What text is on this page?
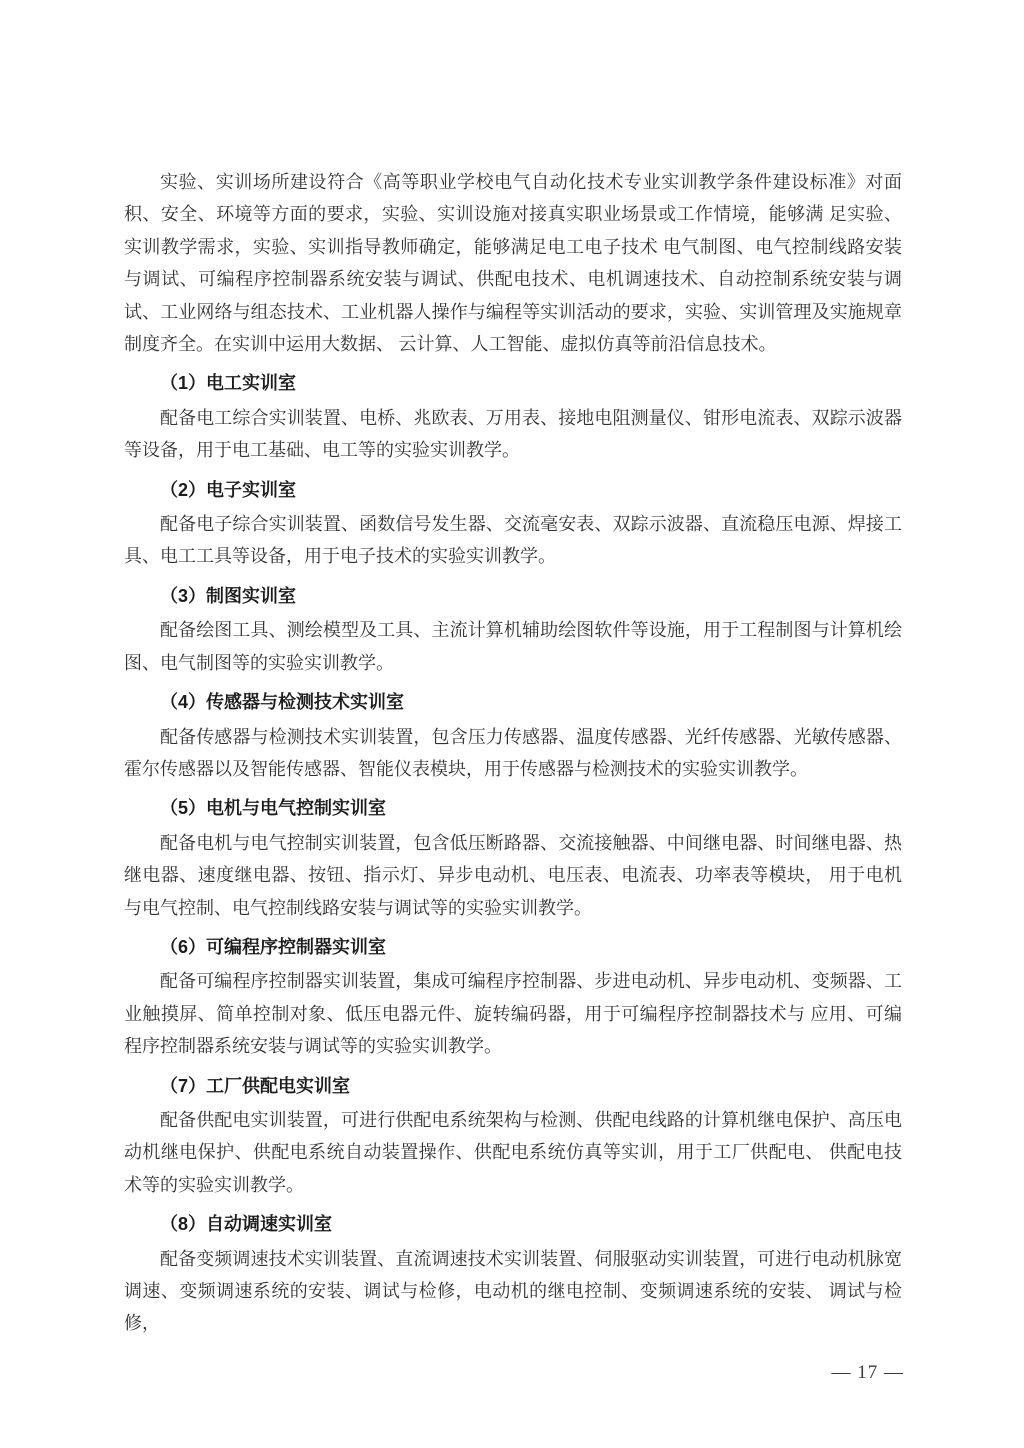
实验、实训场所建设符合《高等职业学校电气自动化技术专业实训教学条件建设标准》对面积、安全、环境等方面的要求，实验、实训设施对接真实职业场景或工作情境，能够满 足实验、实训教学需求，实验、实训指导教师确定，能够满足电工电子技术 电气制图、电气控制线路安装与调试、可编程序控制器系统安装与调试、供配电技术、电机调速技术、自动控制系统安装与调试、工业网络与组态技术、工业机器人操作与编程等实训活动的要求，实验、实训管理及实施规章制度齐全。在实训中运用大数据、 云计算、人工智能、虚拟仿真等前沿信息技术。

（1）电工实训室

配备电工综合实训装置、电桥、兆欧表、万用表、接地电阻测量仪、钳形电流表、双踪示波器等设备，用于电工基础、电工等的实验实训教学。

（2）电子实训室

配备电子综合实训装置、函数信号发生器、交流毫安表、双踪示波器、直流稳压电源、焊接工具、电工工具等设备，用于电子技术的实验实训教学。

（3）制图实训室

配备绘图工具、测绘模型及工具、主流计算机辅助绘图软件等设施，用于工程制图与计算机绘图、电气制图等的实验实训教学。

（4）传感器与检测技术实训室

配备传感器与检测技术实训装置，包含压力传感器、温度传感器、光纤传感器、光敏传感器、霍尔传感器以及智能传感器、智能仪表模块，用于传感器与检测技术的实验实训教学。

（5）电机与电气控制实训室

配备电机与电气控制实训装置，包含低压断路器、交流接触器、中间继电器、时间继电器、热继电器、速度继电器、按钮、指示灯、异步电动机、电压表、电流表、功率表等模块， 用于电机与电气控制、电气控制线路安装与调试等的实验实训教学。

（6）可编程序控制器实训室

配备可编程序控制器实训装置，集成可编程序控制器、步进电动机、异步电动机、变频器、工业触摸屏、简单控制对象、低压电器元件、旋转编码器，用于可编程序控制器技术与 应用、可编程序控制器系统安装与调试等的实验实训教学。

（7）工厂供配电实训室

配备供配电实训装置，可进行供配电系统架构与检测、供配电线路的计算机继电保护、高压电动机继电保护、供配电系统自动装置操作、供配电系统仿真等实训，用于工厂供配电、 供配电技术等的实验实训教学。

（8）自动调速实训室

配备变频调速技术实训装置、直流调速技术实训装置、伺服驱动实训装置，可进行电动机脉宽调速、变频调速系统的安装、调试与检修，电动机的继电控制、变频调速系统的安装、 调试与检修，

— 17 —
